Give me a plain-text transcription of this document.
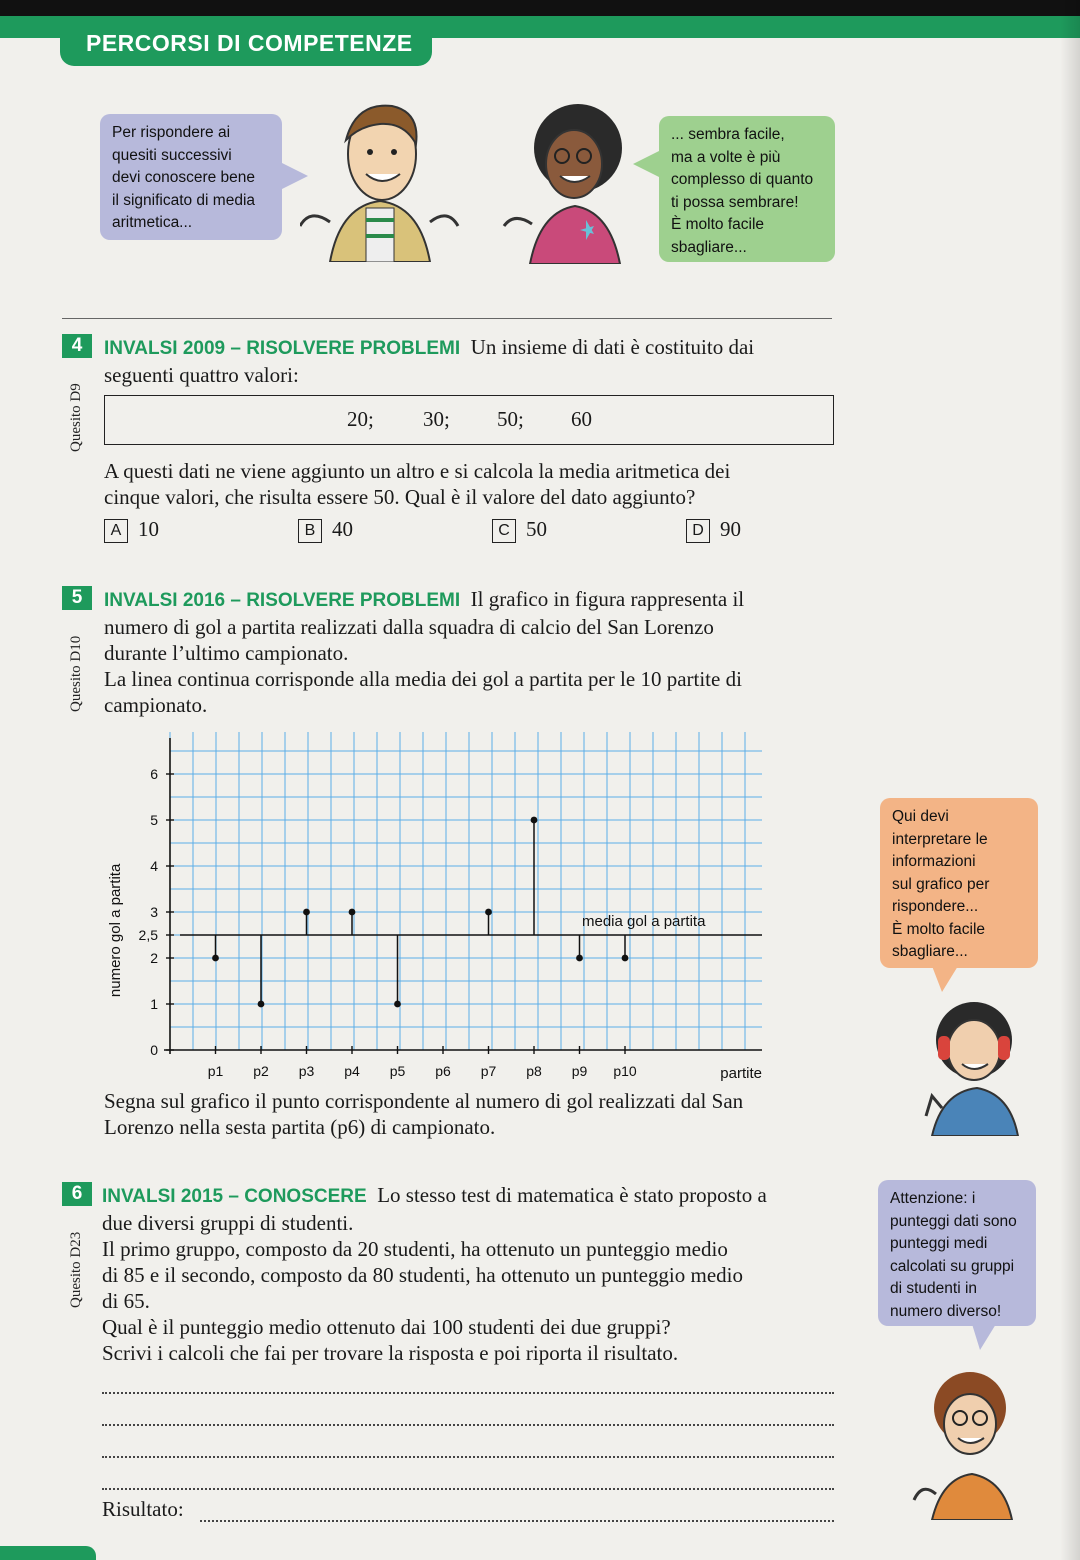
PERCORSI DI COMPETENZE
Per rispondere ai
quesiti successivi
devi conoscere bene
il significato di media
aritmetica...
... sembra facile,
ma a volte è più
complesso di quanto
ti possa sembrare!
È molto facile
sbagliare...
4
Quesito D9
INVALSI 2009 – RISOLVERE PROBLEMI Un insieme di dati è costituito dai
seguenti quattro valori:
20; 30; 50; 60
A questi dati ne viene aggiunto un altro e si calcola la media aritmetica dei
cinque valori, che risulta essere 50. Qual è il valore del dato aggiunto?
A 10	B 40	C 50	D 90
5
Quesito D10
INVALSI 2016 – RISOLVERE PROBLEMI Il grafico in figura rappresenta il
numero di gol a partita realizzati dalla squadra di calcio del San Lorenzo
durante l’ultimo campionato.
La linea continua corrisponde alla media dei gol a partita per le 10 partite di
campionato.
0
1
2
2,5
3
4
5
6
media gol a partita
p1 p2 p3 p4 p5 p6 p7 p8 p9 p10	partite
numero gol a partita
Segna sul grafico il punto corrispondente al numero di gol realizzati dal San
Lorenzo nella sesta partita (p6) di campionato.
Qui devi
interpretare le
informazioni
sul grafico per
rispondere...
È molto facile
sbagliare...
6
Quesito D23
INVALSI 2015 – CONOSCERE Lo stesso test di matematica è stato proposto a
due diversi gruppi di studenti.
Il primo gruppo, composto da 20 studenti, ha ottenuto un punteggio medio
di 85 e il secondo, composto da 80 studenti, ha ottenuto un punteggio medio
di 65.
Qual è il punteggio medio ottenuto dai 100 studenti dei due gruppi?
Scrivi i calcoli che fai per trovare la risposta e poi riporta il risultato.
Risultato:
Attenzione: i
punteggi dati sono
punteggi medi
calcolati su gruppi
di studenti in
numero diverso!
